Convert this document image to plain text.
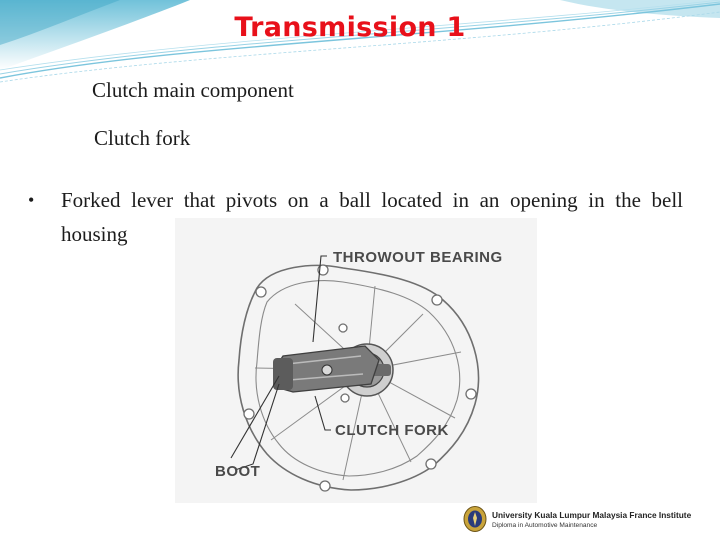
Transmission 1
Clutch main component
Clutch fork
• Forked lever that pivots on a ball located in an opening in the bell housing
THROWOUT BEARING
CLUTCH FORK
BOOT
University Kuala Lumpur Malaysia France Institute
Diploma in Automotive Maintenance
